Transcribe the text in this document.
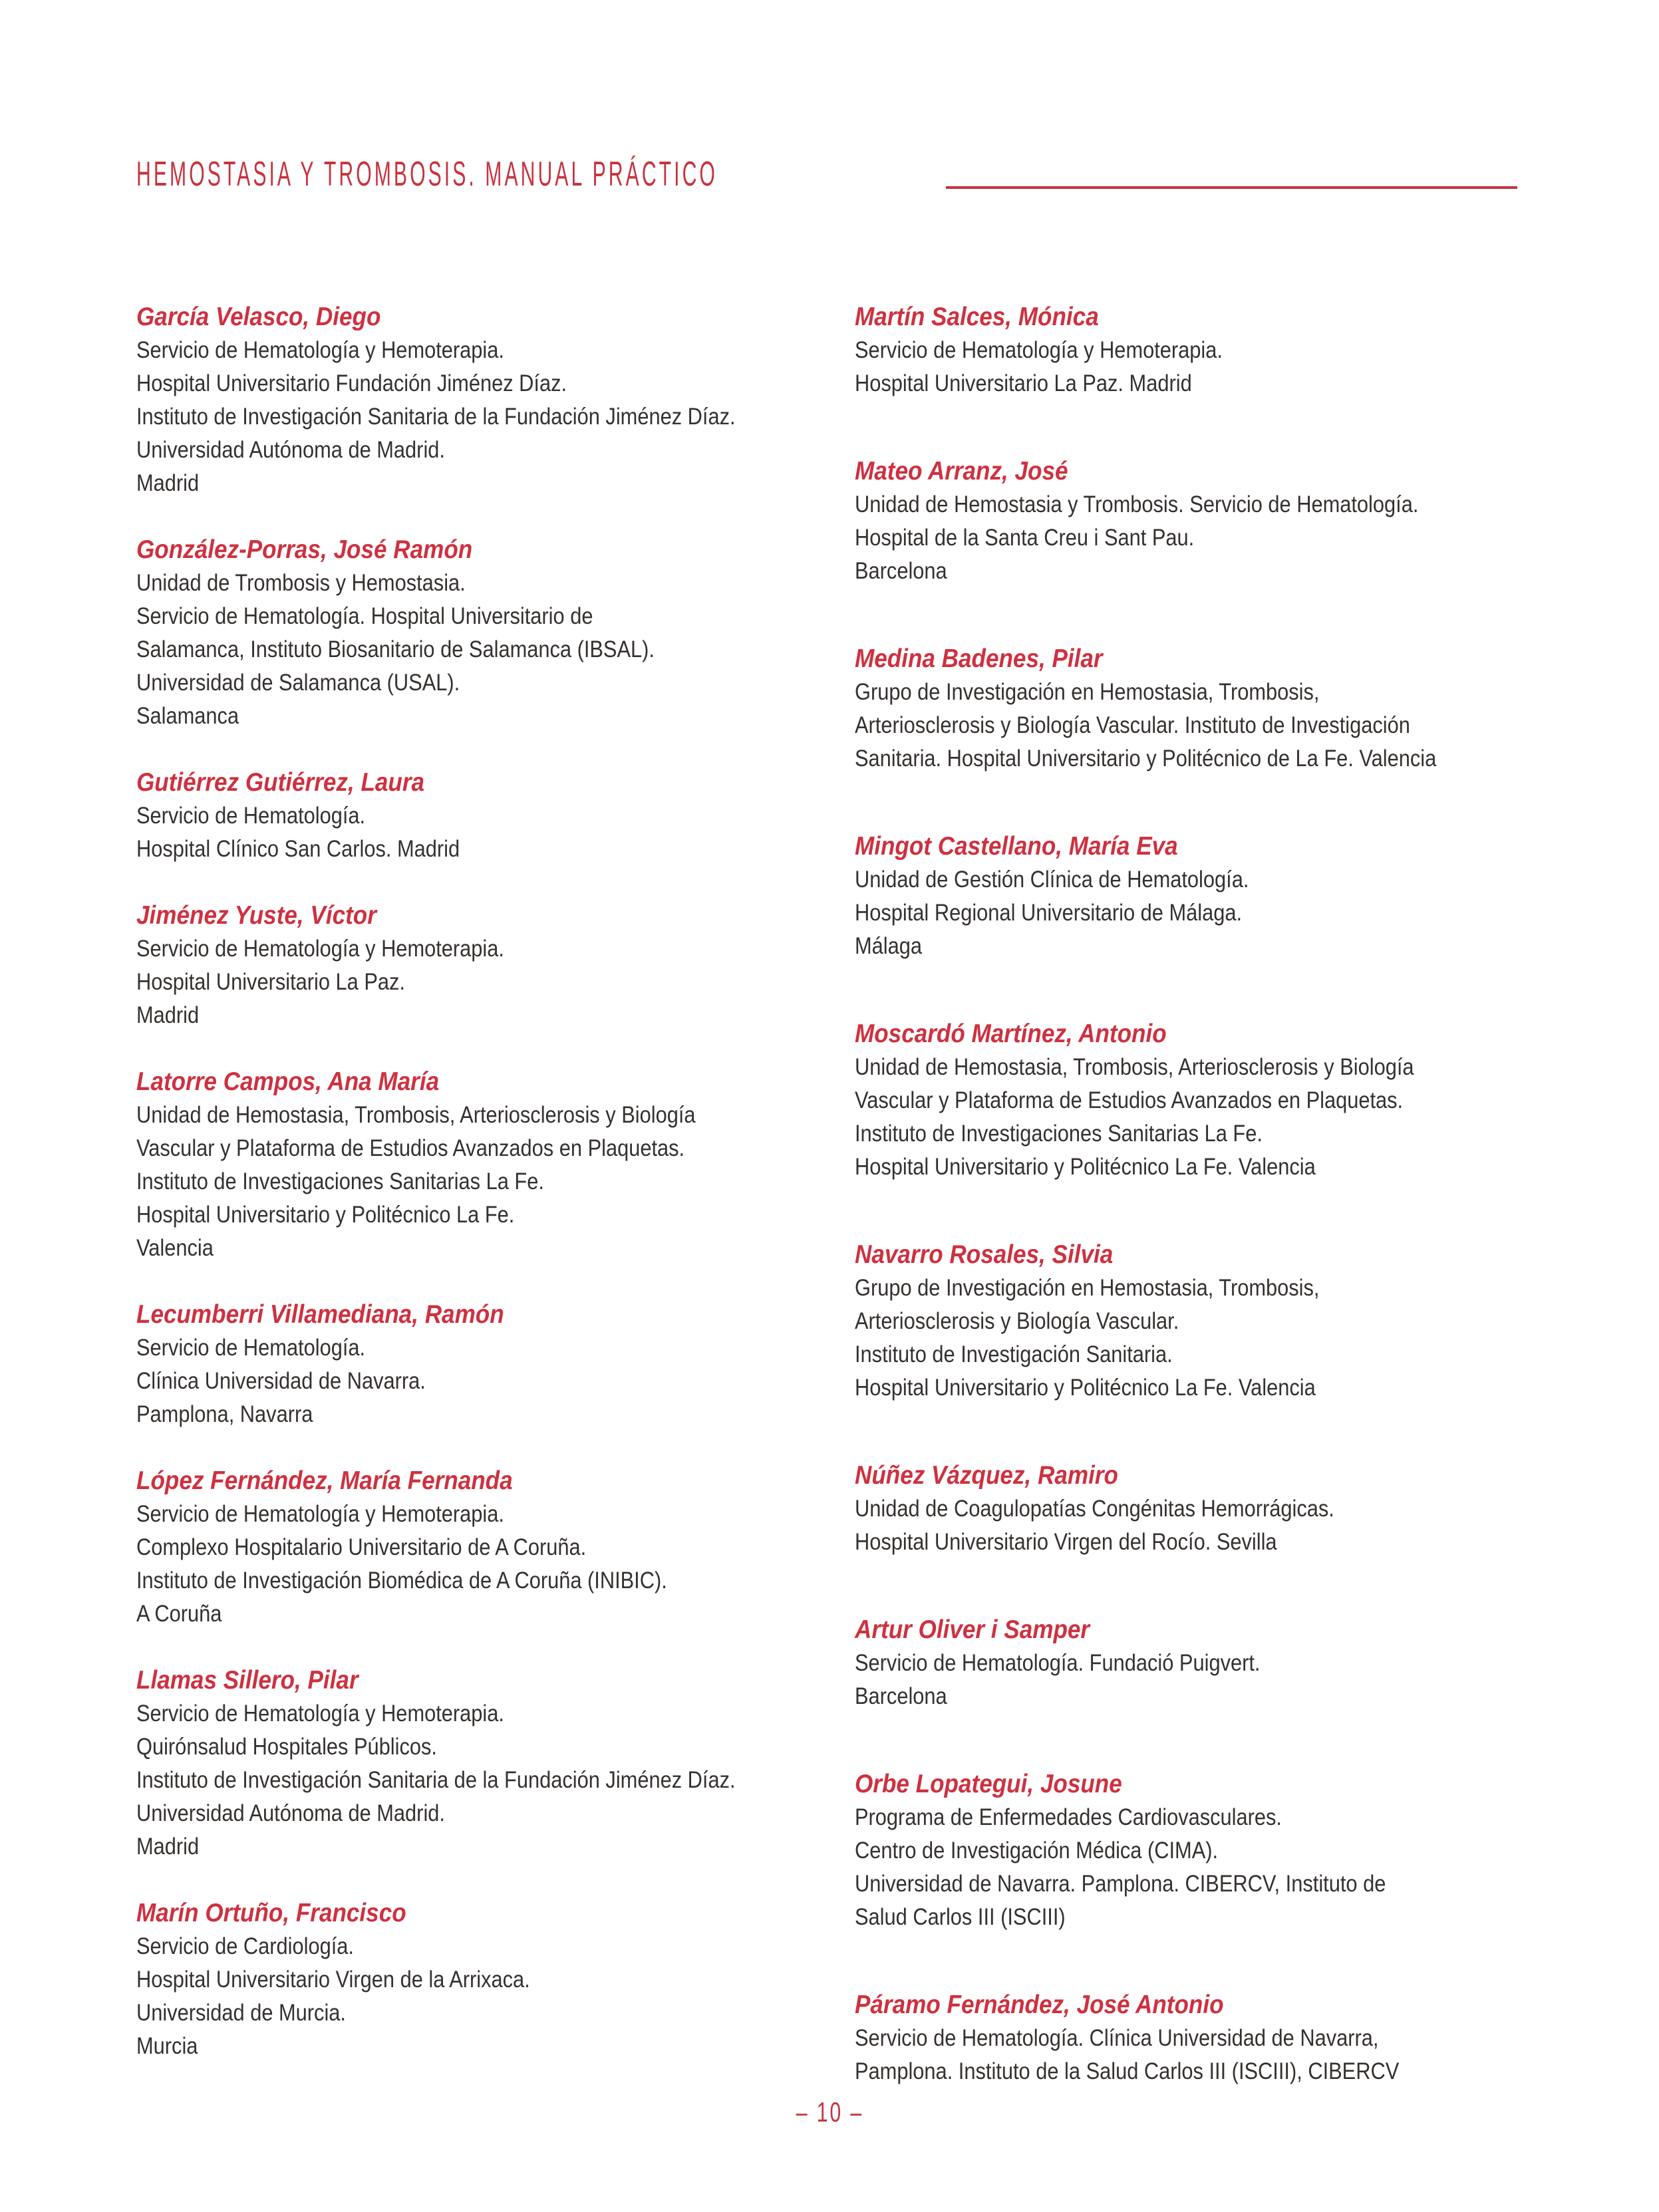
HEMOSTASIA Y TROMBOSIS. MANUAL PRÁCTICO
García Velasco, Diego
Servicio de Hematología y Hemoterapia.
Hospital Universitario Fundación Jiménez Díaz.
Instituto de Investigación Sanitaria de la Fundación Jiménez Díaz.
Universidad Autónoma de Madrid.
Madrid
González-Porras, José Ramón
Unidad de Trombosis y Hemostasia.
Servicio de Hematología. Hospital Universitario de
Salamanca, Instituto Biosanitario de Salamanca (IBSAL).
Universidad de Salamanca (USAL).
Salamanca
Gutiérrez Gutiérrez, Laura
Servicio de Hematología.
Hospital Clínico San Carlos. Madrid
Jiménez Yuste, Víctor
Servicio de Hematología y Hemoterapia.
Hospital Universitario La Paz.
Madrid
Latorre Campos, Ana María
Unidad de Hemostasia, Trombosis, Arteriosclerosis y Biología
Vascular y Plataforma de Estudios Avanzados en Plaquetas.
Instituto de Investigaciones Sanitarias La Fe.
Hospital Universitario y Politécnico La Fe.
Valencia
Lecumberri Villamediana, Ramón
Servicio de Hematología.
Clínica Universidad de Navarra.
Pamplona, Navarra
López Fernández, María Fernanda
Servicio de Hematología y Hemoterapia.
Complexo Hospitalario Universitario de A Coruña.
Instituto de Investigación Biomédica de A Coruña (INIBIC).
A Coruña
Llamas Sillero, Pilar
Servicio de Hematología y Hemoterapia.
Quirónsalud Hospitales Públicos.
Instituto de Investigación Sanitaria de la Fundación Jiménez Díaz.
Universidad Autónoma de Madrid.
Madrid
Marín Ortuño, Francisco
Servicio de Cardiología.
Hospital Universitario Virgen de la Arrixaca.
Universidad de Murcia.
Murcia
Martín Salces, Mónica
Servicio de Hematología y Hemoterapia.
Hospital Universitario La Paz. Madrid
Mateo Arranz, José
Unidad de Hemostasia y Trombosis. Servicio de Hematología.
Hospital de la Santa Creu i Sant Pau.
Barcelona
Medina Badenes, Pilar
Grupo de Investigación en Hemostasia, Trombosis,
Arteriosclerosis y Biología Vascular. Instituto de Investigación
Sanitaria. Hospital Universitario y Politécnico de La Fe. Valencia
Mingot Castellano, María Eva
Unidad de Gestión Clínica de Hematología.
Hospital Regional Universitario de Málaga.
Málaga
Moscardó Martínez, Antonio
Unidad de Hemostasia, Trombosis, Arteriosclerosis y Biología
Vascular y Plataforma de Estudios Avanzados en Plaquetas.
Instituto de Investigaciones Sanitarias La Fe.
Hospital Universitario y Politécnico La Fe. Valencia
Navarro Rosales, Silvia
Grupo de Investigación en Hemostasia, Trombosis,
Arteriosclerosis y Biología Vascular.
Instituto de Investigación Sanitaria.
Hospital Universitario y Politécnico La Fe. Valencia
Núñez Vázquez, Ramiro
Unidad de Coagulopatías Congénitas Hemorrágicas.
Hospital Universitario Virgen del Rocío. Sevilla
Artur Oliver i Samper
Servicio de Hematología. Fundació Puigvert.
Barcelona
Orbe Lopategui, Josune
Programa de Enfermedades Cardiovasculares.
Centro de Investigación Médica (CIMA).
Universidad de Navarra. Pamplona. CIBERCV, Instituto de
Salud Carlos III (ISCIII)
Páramo Fernández, José Antonio
Servicio de Hematología. Clínica Universidad de Navarra,
Pamplona. Instituto de la Salud Carlos III (ISCIII), CIBERCV
– 10 –
